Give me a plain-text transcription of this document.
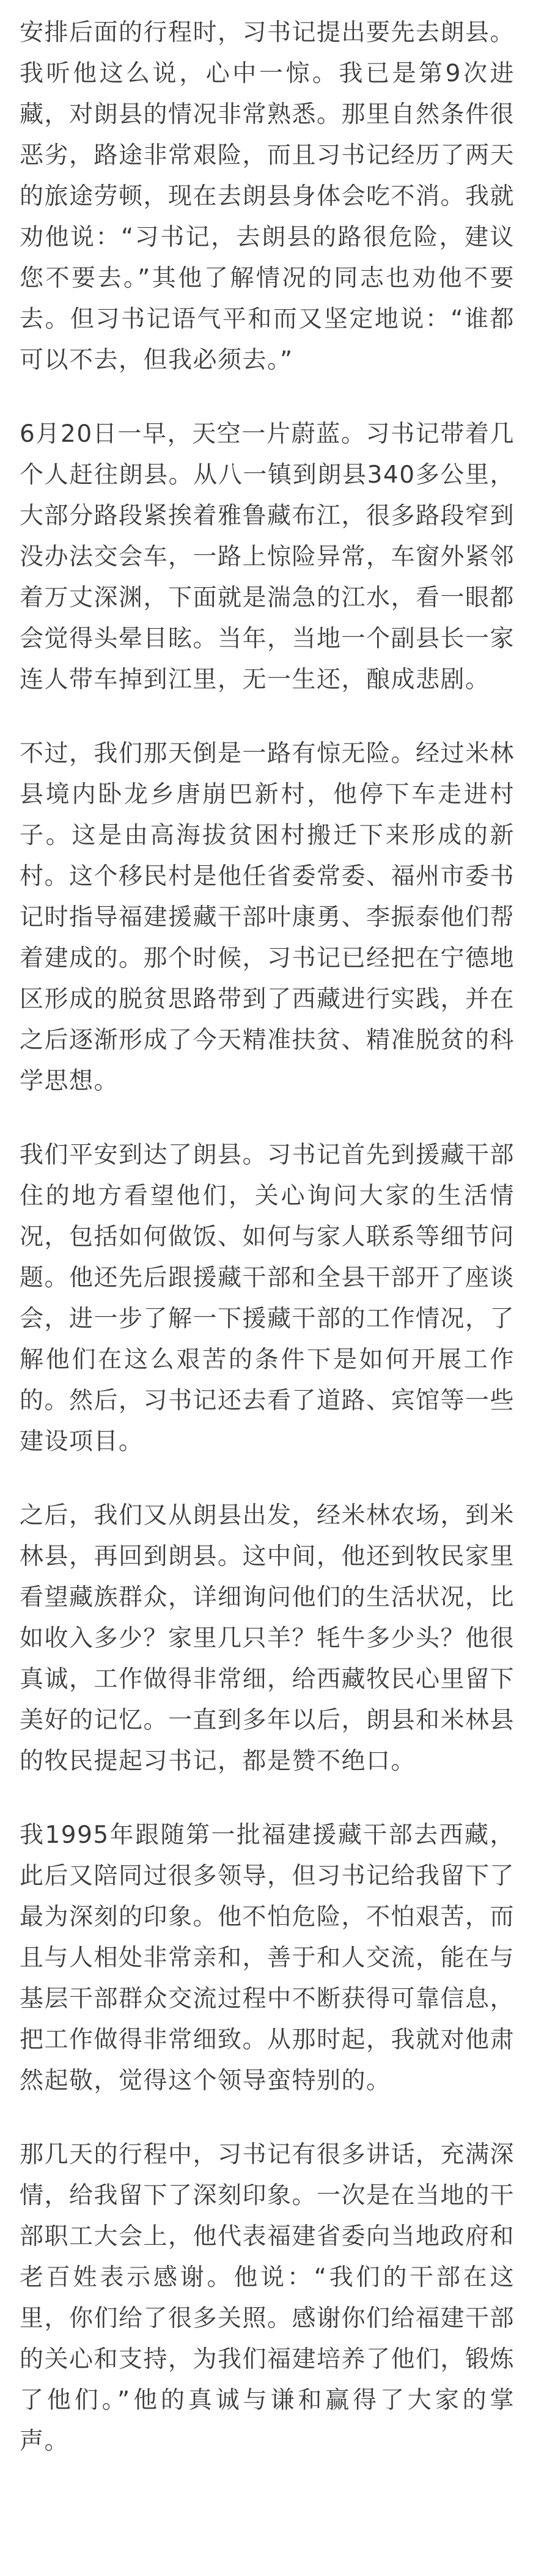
安排后面的行程时，习书记提出要先去朗县。我听他这么说，心中一惊。我已是第9次进藏，对朗县的情况非常熟悉。那里自然条件很恶劣，路途非常艰险，而且习书记经历了两天的旅途劳顿，现在去朗县身体会吃不消。我就劝他说：“习书记，去朗县的路很危险，建议您不要去。”其他了解情况的同志也劝他不要去。但习书记语气平和而又坚定地说：“谁都可以不去，但我必须去。”

6月20日一早，天空一片蔚蓝。习书记带着几个人赶往朗县。从八一镇到朗县340多公里，大部分路段紧挨着雅鲁藏布江，很多路段窄到没办法交会车，一路上惊险异常，车窗外紧邻着万丈深渊，下面就是湍急的江水，看一眼都会觉得头晕目眩。当年，当地一个副县长一家连人带车掉到江里，无一生还，酿成悲剧。

不过，我们那天倒是一路有惊无险。经过米林县境内卧龙乡唐崩巴新村，他停下车走进村子。这是由高海拔贫困村搬迁下来形成的新村。这个移民村是他任省委常委、福州市委书记时指导福建援藏干部叶康勇、李振泰他们帮着建成的。那个时候，习书记已经把在宁德地区形成的脱贫思路带到了西藏进行实践，并在之后逐渐形成了今天精准扶贫、精准脱贫的科学思想。

我们平安到达了朗县。习书记首先到援藏干部住的地方看望他们，关心询问大家的生活情况，包括如何做饭、如何与家人联系等细节问题。他还先后跟援藏干部和全县干部开了座谈会，进一步了解一下援藏干部的工作情况，了解他们在这么艰苦的条件下是如何开展工作的。然后，习书记还去看了道路、宾馆等一些建设项目。

之后，我们又从朗县出发，经米林农场，到米林县，再回到朗县。这中间，他还到牧民家里看望藏族群众，详细询问他们的生活状况，比如收入多少？家里几只羊？牦牛多少头？他很真诚，工作做得非常细，给西藏牧民心里留下美好的记忆。一直到多年以后，朗县和米林县的牧民提起习书记，都是赞不绝口。

我1995年跟随第一批福建援藏干部去西藏，此后又陪同过很多领导，但习书记给我留下了最为深刻的印象。他不怕危险，不怕艰苦，而且与人相处非常亲和，善于和人交流，能在与基层干部群众交流过程中不断获得可靠信息，把工作做得非常细致。从那时起，我就对他肃然起敬，觉得这个领导蛮特别的。

那几天的行程中，习书记有很多讲话，充满深情，给我留下了深刻印象。一次是在当地的干部职工大会上，他代表福建省委向当地政府和老百姓表示感谢。他说：“我们的干部在这里，你们给了很多关照。感谢你们给福建干部的关心和支持，为我们福建培养了他们，锻炼了他们。”他的真诚与谦和赢得了大家的掌声。
